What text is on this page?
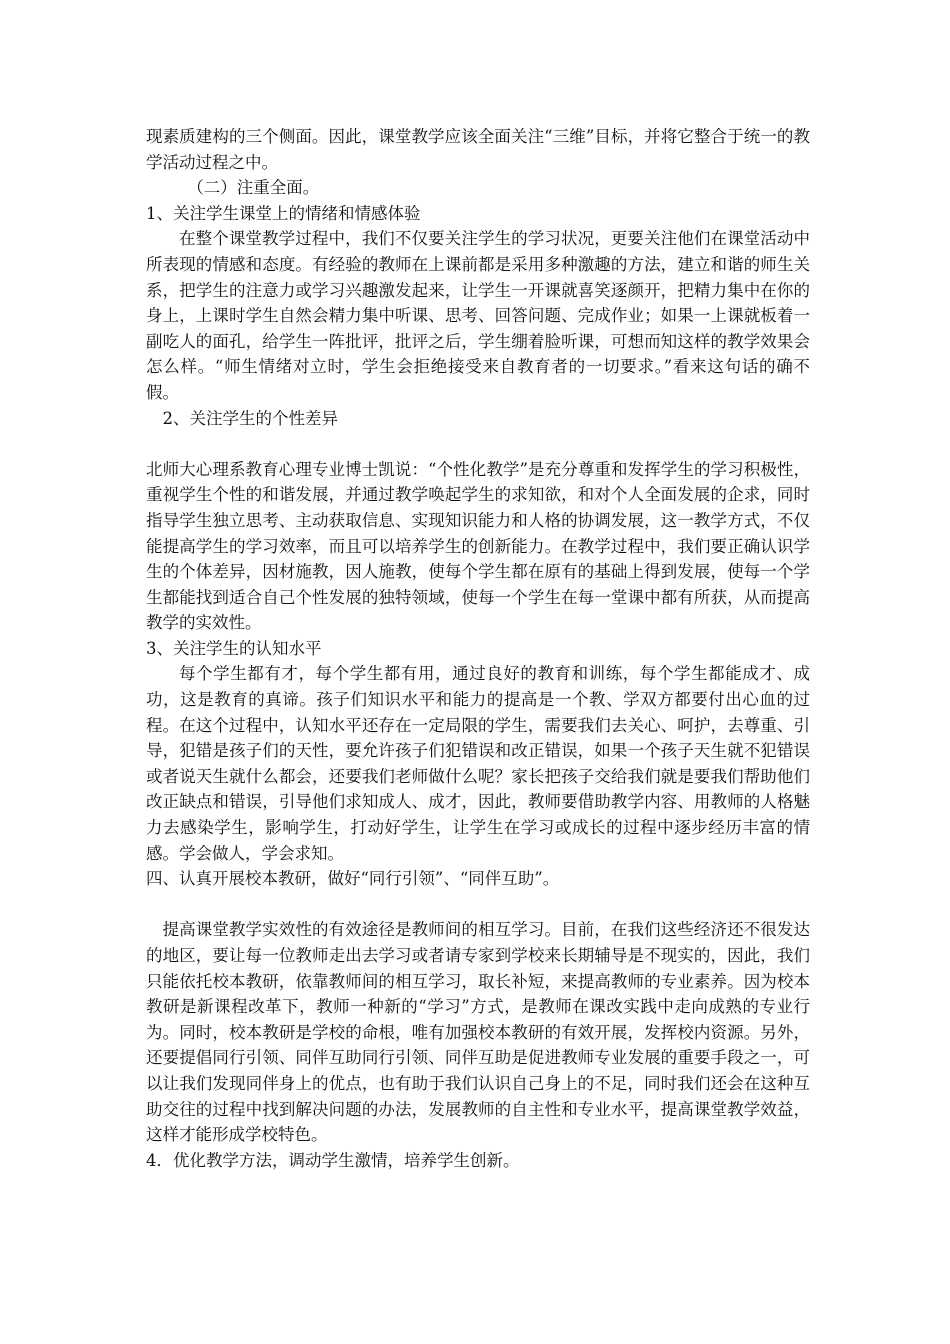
现素质建构的三个侧面。因此，课堂教学应该全面关注“三维”目标，并将它整合于统一的教学活动过程之中。

（二）注重全面。

1、关注学生课堂上的情绪和情感体验

在整个课堂教学过程中，我们不仅要关注学生的学习状况，更要关注他们在课堂活动中所表现的情感和态度。有经验的教师在上课前都是采用多种激趣的方法，建立和谐的师生关系，把学生的注意力或学习兴趣激发起来，让学生一开课就喜笑逐颜开，把精力集中在你的身上，上课时学生自然会精力集中听课、思考、回答问题、完成作业；如果一上课就板着一副吃人的面孔，给学生一阵批评，批评之后，学生绷着脸听课，可想而知这样的教学效果会怎么样。“师生情绪对立时，学生会拒绝接受来自教育者的一切要求。”看来这句话的确不假。

2、关注学生的个性差异

北师大心理系教育心理专业博士凯说：“个性化教学”是充分尊重和发挥学生的学习积极性，重视学生个性的和谐发展，并通过教学唤起学生的求知欲，和对个人全面发展的企求，同时指导学生独立思考、主动获取信息、实现知识能力和人格的协调发展，这一教学方式，不仅能提高学生的学习效率，而且可以培养学生的创新能力。在教学过程中，我们要正确认识学生的个体差异，因材施教，因人施教，使每个学生都在原有的基础上得到发展，使每一个学生都能找到适合自己个性发展的独特领域，使每一个学生在每一堂课中都有所获，从而提高教学的实效性。

3、关注学生的认知水平

每个学生都有才，每个学生都有用，通过良好的教育和训练，每个学生都能成才、成功，这是教育的真谛。孩子们知识水平和能力的提高是一个教、学双方都要付出心血的过程。在这个过程中，认知水平还存在一定局限的学生，需要我们去关心、呵护，去尊重、引导，犯错是孩子们的天性，要允许孩子们犯错误和改正错误，如果一个孩子天生就不犯错误或者说天生就什么都会，还要我们老师做什么呢？家长把孩子交给我们就是要我们帮助他们改正缺点和错误，引导他们求知成人、成才，因此，教师要借助教学内容、用教师的人格魅力去感染学生，影响学生，打动好学生，让学生在学习或成长的过程中逐步经历丰富的情感。学会做人，学会求知。

四、认真开展校本教研，做好“同行引领”、“同伴互助”。

提高课堂教学实效性的有效途径是教师间的相互学习。目前，在我们这些经济还不很发达的地区，要让每一位教师走出去学习或者请专家到学校来长期辅导是不现实的，因此，我们只能依托校本教研，依靠教师间的相互学习，取长补短，来提高教师的专业素养。因为校本教研是新课程改革下，教师一种新的“学习”方式，是教师在课改实践中走向成熟的专业行为。同时，校本教研是学校的命根，唯有加强校本教研的有效开展，发挥校内资源。另外，还要提倡同行引领、同伴互助同行引领、同伴互助是促进教师专业发展的重要手段之一，可以让我们发现同伴身上的优点，也有助于我们认识自己身上的不足，同时我们还会在这种互助交往的过程中找到解决问题的办法，发展教师的自主性和专业水平，提高课堂教学效益，这样才能形成学校特色。

4．优化教学方法，调动学生激情，培养学生创新。
